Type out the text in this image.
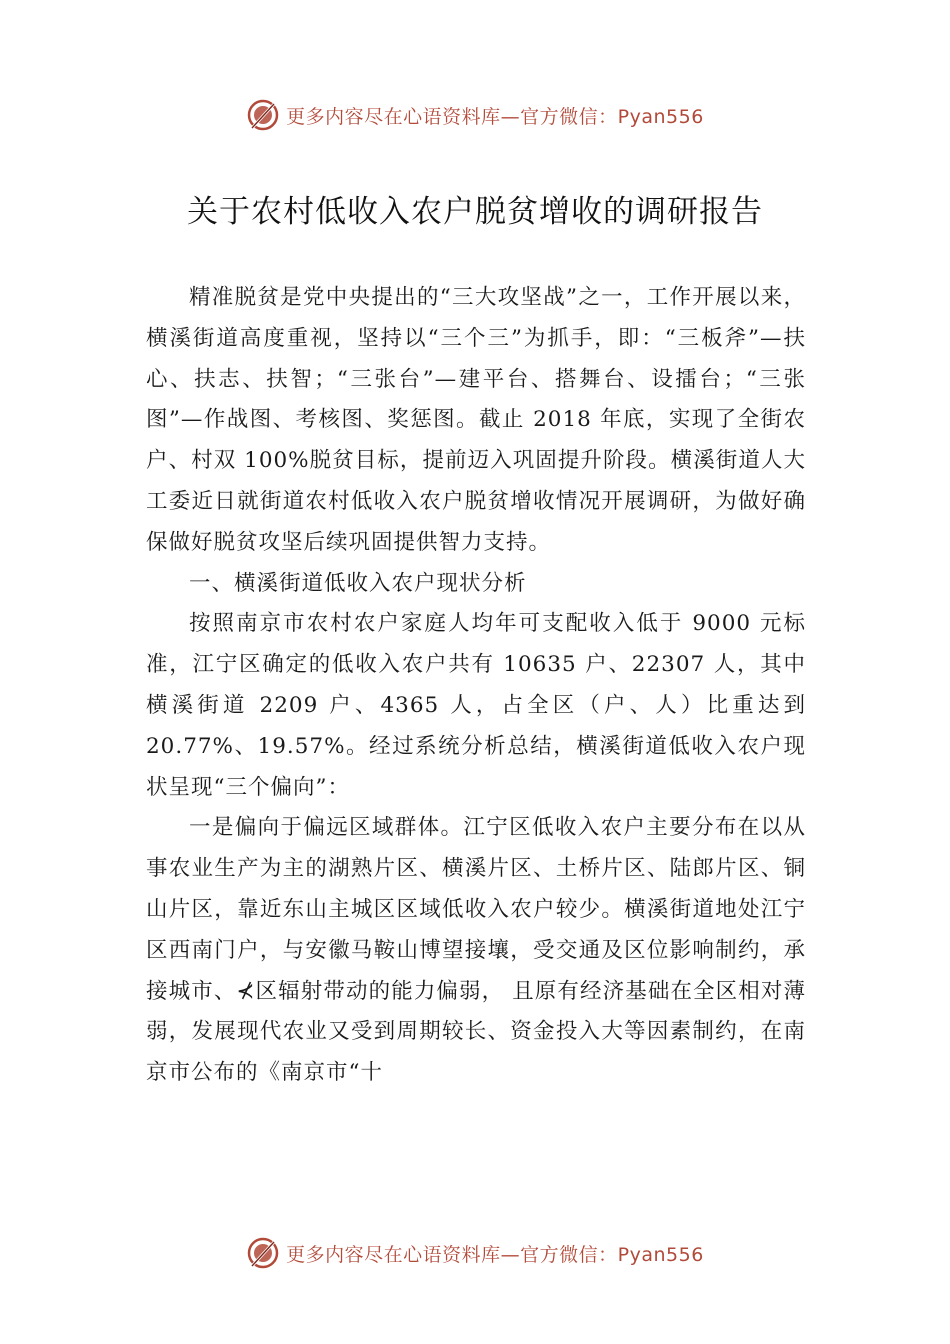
更多内容尽在心语资料库—官方微信：Pyan556
关于农村低收入农户脱贫增收的调研报告

精准脱贫是党中央提出的“三大攻坚战”之一，工作开展以来，横溪街道高度重视，坚持以“三个三”为抓手，即：“三板斧”—扶心、扶志、扶智；“三张台”—建平台、搭舞台、设擂台；“三张图”—作战图、考核图、奖惩图。截止 2018 年底，实现了全街农户、村双 100%脱贫目标，提前迈入巩固提升阶段。横溪街道人大工委近日就街道农村低收入农户脱贫增收情况开展调研，为做好确保做好脱贫攻坚后续巩固提供智力支持。

一、横溪街道低收入农户现状分析

按照南京市农村农户家庭人均年可支配收入低于 9000 元标准，江宁区确定的低收入农户共有 10635 户、22307 人，其中横溪街道 2209 户、4365 人，占全区（户、人）比重达到 20.77%、19.57%。经过系统分析总结，横溪街道低收入农户现状呈现“三个偏向”：

一是偏向于偏远区域群体。江宁区低收入农户主要分布在以从事农业生产为主的湖熟片区、横溪片区、土桥片区、陆郎片区、铜山片区，靠近东山主城区区域低收入农户较少。横溪街道地处江宁区西南门户，与安徽马鞍山博望接壤，受交通及区位影响制约，承接城市、⊀区辐射带动的能力偏弱， 且原有经济基础在全区相对薄弱，发展现代农业又受到周期较长、资金投入大等因素制约，在南京市公布的《南京市“十

更多内容尽在心语资料库—官方微信：Pyan556
